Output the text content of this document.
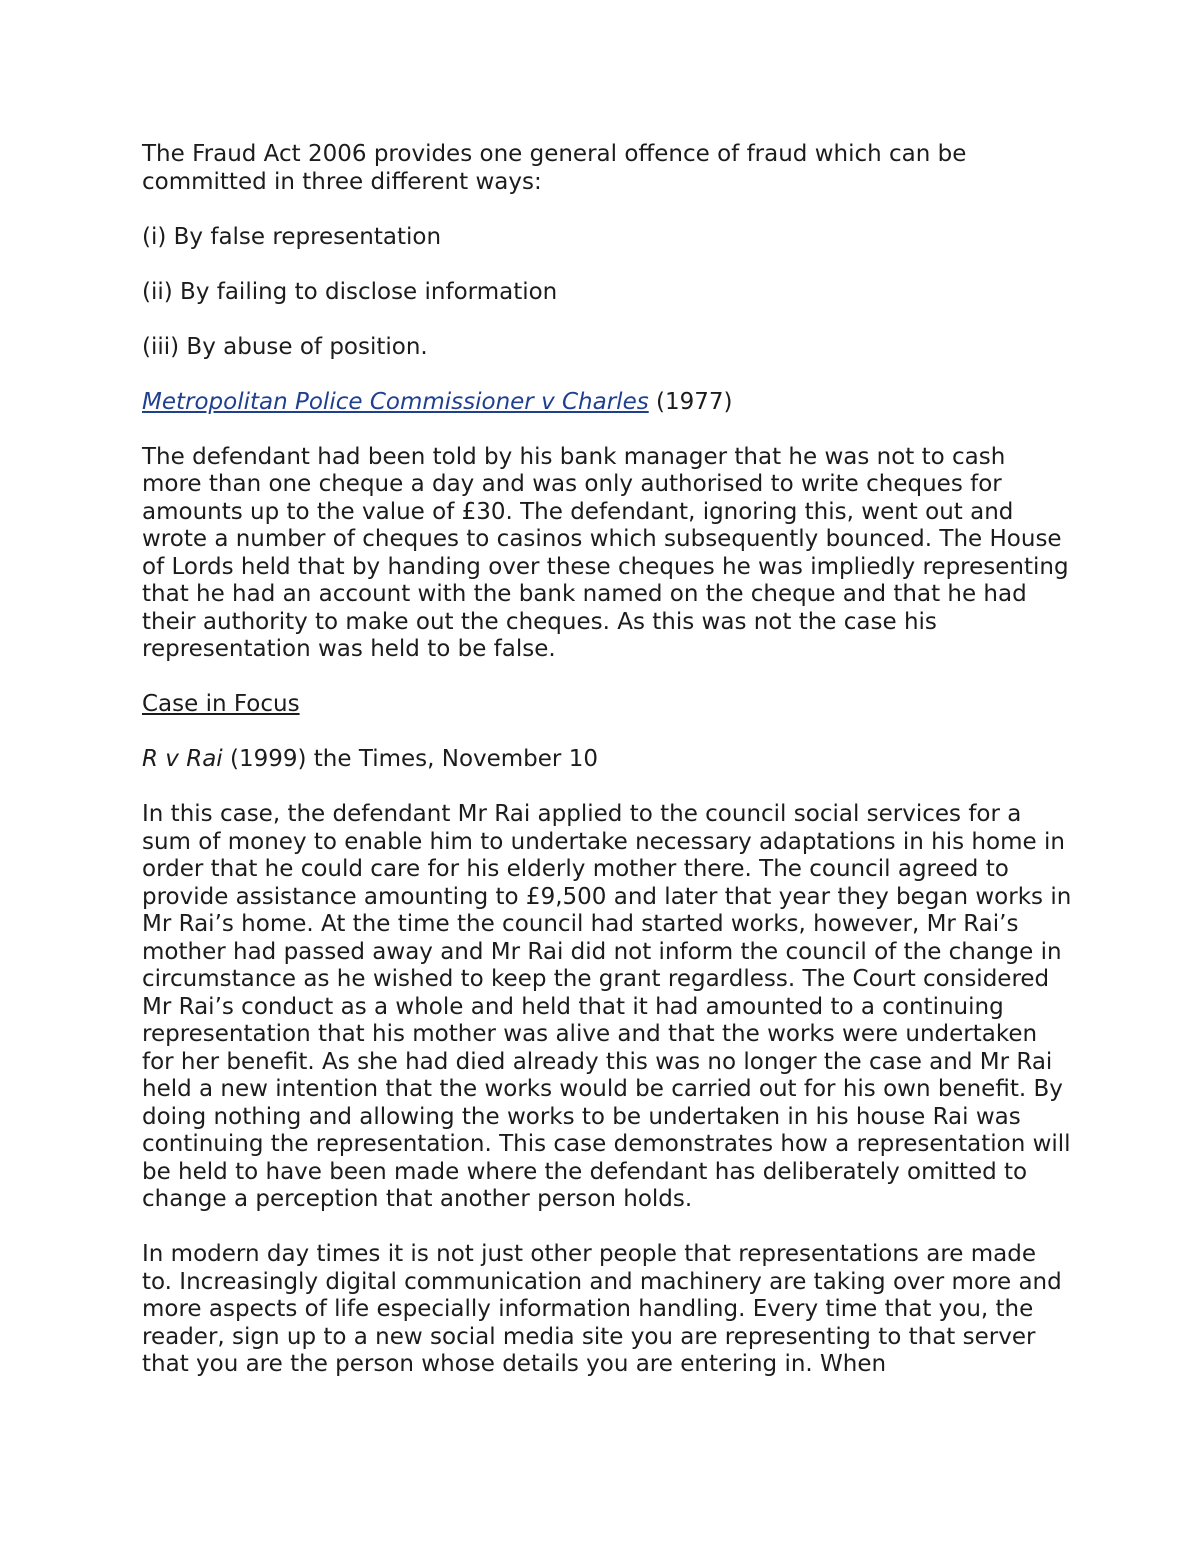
The Fraud Act 2006 provides one general offence of fraud which can be committed in three different ways:

(i) By false representation

(ii) By failing to disclose information

(iii) By abuse of position.

Metropolitan Police Commissioner v Charles (1977)

The defendant had been told by his bank manager that he was not to cash more than one cheque a day and was only authorised to write cheques for amounts up to the value of £30. The defendant, ignoring this, went out and wrote a number of cheques to casinos which subsequently bounced. The House of Lords held that by handing over these cheques he was impliedly representing that he had an account with the bank named on the cheque and that he had their authority to make out the cheques. As this was not the case his representation was held to be false.

Case in Focus

R v Rai (1999) the Times, November 10

In this case, the defendant Mr Rai applied to the council social services for a sum of money to enable him to undertake necessary adaptations in his home in order that he could care for his elderly mother there. The council agreed to provide assistance amounting to £9,500 and later that year they began works in Mr Rai’s home. At the time the council had started works, however, Mr Rai’s mother had passed away and Mr Rai did not inform the council of the change in circumstance as he wished to keep the grant regardless. The Court considered Mr Rai’s conduct as a whole and held that it had amounted to a continuing representation that his mother was alive and that the works were undertaken for her benefit. As she had died already this was no longer the case and Mr Rai held a new intention that the works would be carried out for his own benefit. By doing nothing and allowing the works to be undertaken in his house Rai was continuing the representation. This case demonstrates how a representation will be held to have been made where the defendant has deliberately omitted to change a perception that another person holds.

In modern day times it is not just other people that representations are made to. Increasingly digital communication and machinery are taking over more and more aspects of life especially information handling. Every time that you, the reader, sign up to a new social media site you are representing to that server that you are the person whose details you are entering in. When
